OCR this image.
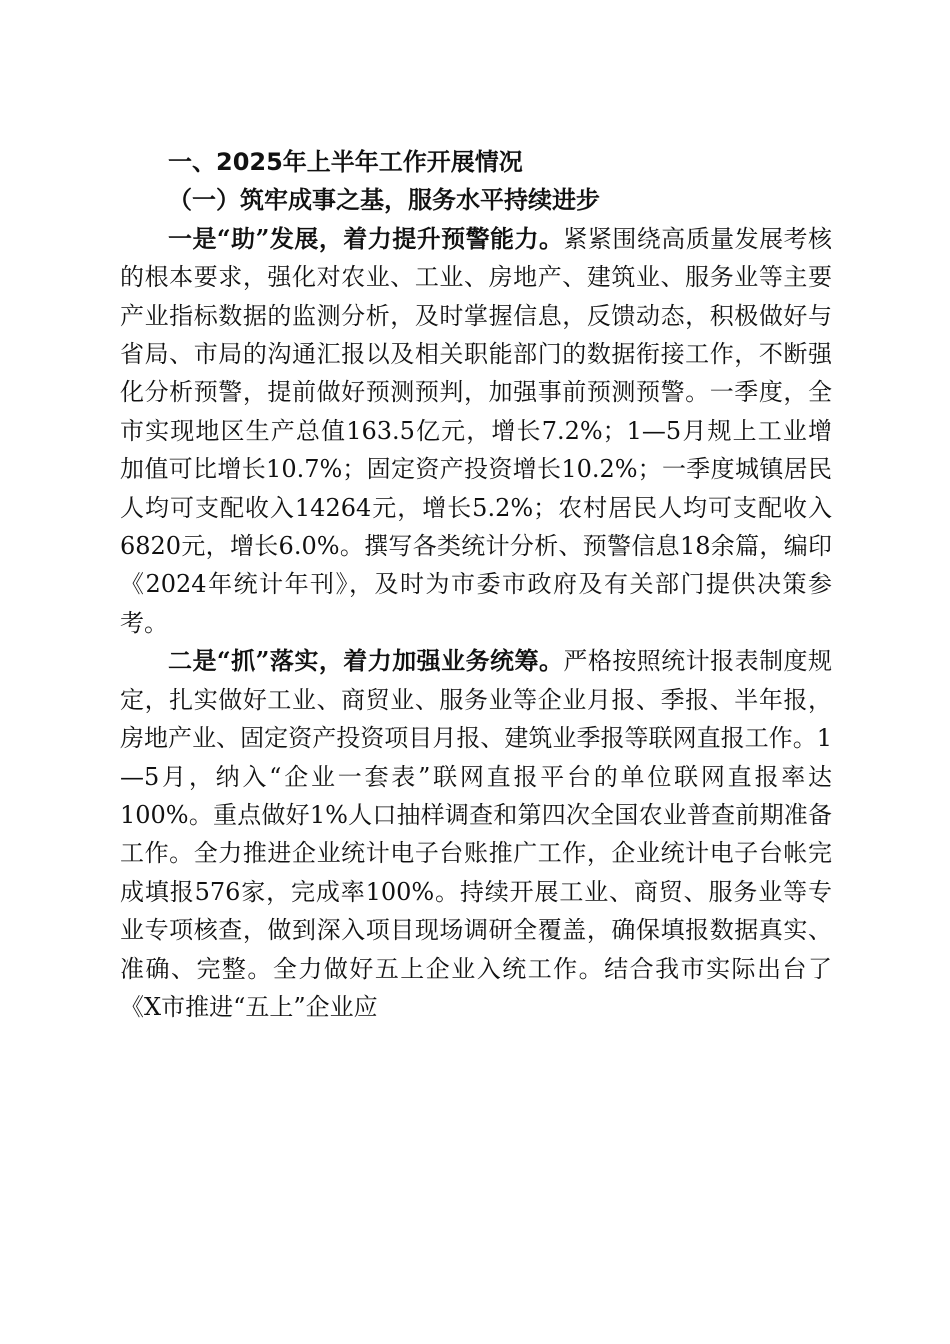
一、2025年上半年工作开展情况

（一）筑牢成事之基，服务水平持续进步

一是“助”发展，着力提升预警能力。紧紧围绕高质量发展考核的根本要求，强化对农业、工业、房地产、建筑业、服务业等主要产业指标数据的监测分析，及时掌握信息，反馈动态，积极做好与省局、市局的沟通汇报以及相关职能部门的数据衔接工作，不断强化分析预警，提前做好预测预判，加强事前预测预警。一季度，全市实现地区生产总值163.5亿元，增长7.2%；1—5月规上工业增加值可比增长10.7%；固定资产投资增长10.2%；一季度城镇居民人均可支配收入14264元，增长5.2%；农村居民人均可支配收入6820元，增长6.0%。撰写各类统计分析、预警信息18余篇，编印《2024年统计年刊》，及时为市委市政府及有关部门提供决策参考。

二是“抓”落实，着力加强业务统筹。严格按照统计报表制度规定，扎实做好工业、商贸业、服务业等企业月报、季报、半年报，房地产业、固定资产投资项目月报、建筑业季报等联网直报工作。1—5月，纳入“企业一套表”联网直报平台的单位联网直报率达100%。重点做好1%人口抽样调查和第四次全国农业普查前期准备工作。全力推进企业统计电子台账推广工作，企业统计电子台帐完成填报576家，完成率100%。持续开展工业、商贸、服务业等专业专项核查，做到深入项目现场调研全覆盖，确保填报数据真实、准确、完整。全力做好五上企业入统工作。结合我市实际出台了《X市推进“五上”企业应
